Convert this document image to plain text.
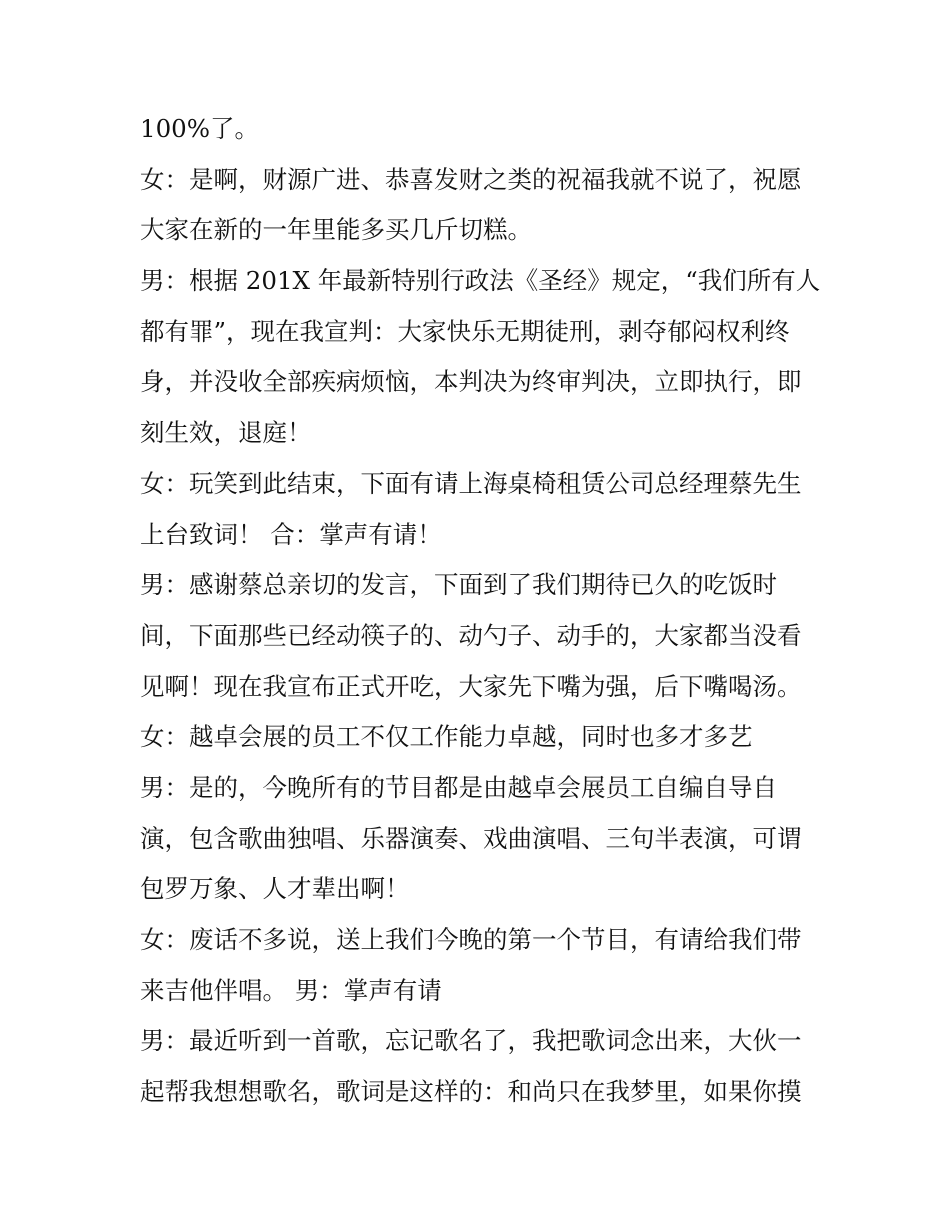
100%了。
女：是啊，财源广进、恭喜发财之类的祝福我就不说了，祝愿
大家在新的一年里能多买几斤切糕。
男：根据 201X 年最新特别行政法《圣经》规定，“我们所有人
都有罪”，现在我宣判：大家快乐无期徒刑，剥夺郁闷权利终
身，并没收全部疾病烦恼，本判决为终审判决，立即执行，即
刻生效，退庭！
女：玩笑到此结束，下面有请上海桌椅租赁公司总经理蔡先生
上台致词！ 合：掌声有请！
男：感谢蔡总亲切的发言，下面到了我们期待已久的吃饭时
间，下面那些已经动筷子的、动勺子、动手的，大家都当没看
见啊！现在我宣布正式开吃，大家先下嘴为强，后下嘴喝汤。
女：越卓会展的员工不仅工作能力卓越，同时也多才多艺
男：是的，今晚所有的节目都是由越卓会展员工自编自导自
演，包含歌曲独唱、乐器演奏、戏曲演唱、三句半表演，可谓
包罗万象、人才辈出啊！
女：废话不多说，送上我们今晚的第一个节目，有请给我们带
来吉他伴唱。 男：掌声有请
男：最近听到一首歌，忘记歌名了，我把歌词念出来，大伙一
起帮我想想歌名，歌词是这样的：和尚只在我梦里，如果你摸
